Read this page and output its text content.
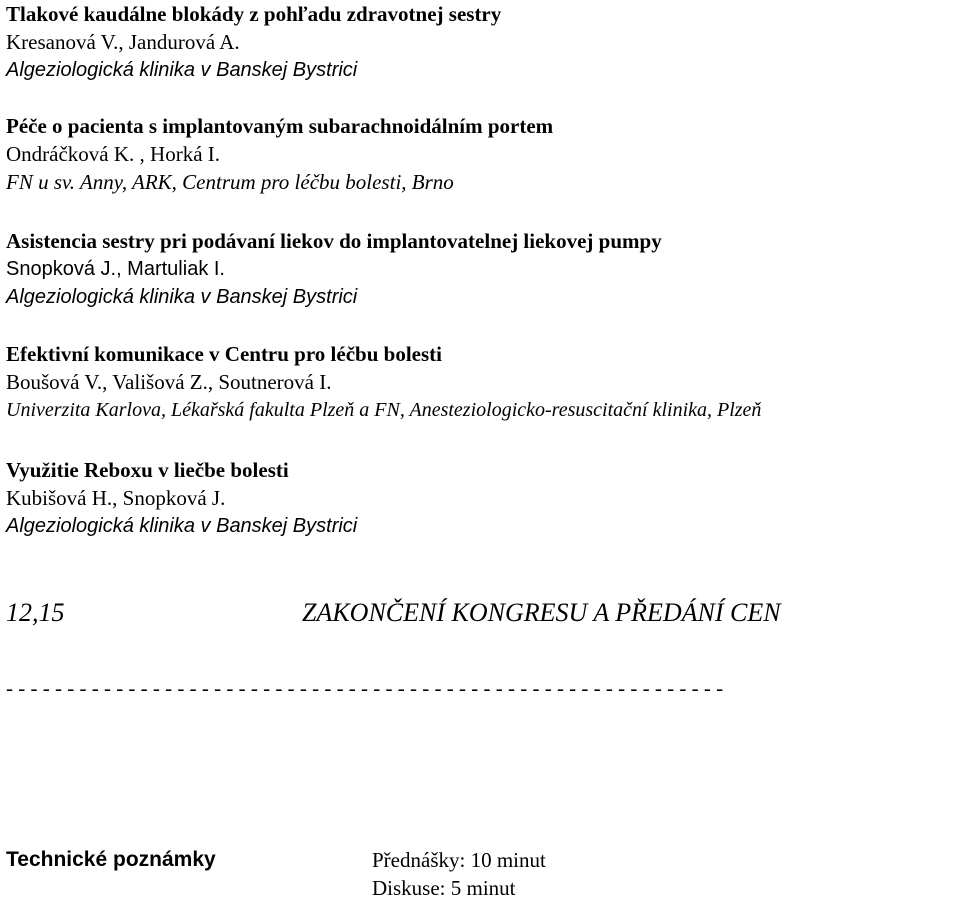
Tlakové kaudálne blokády z pohľadu zdravotnej sestry
Kresanová V., Jandurová A.
Algeziologická klinika v Banskej Bystrici
Péče o pacienta s implantovaným subarachnoidálním portem
Ondráčková K. , Horká I.
FN u sv. Anny, ARK, Centrum pro léčbu bolesti, Brno
Asistencia sestry pri podávaní liekov do implantovatelnej liekovej pumpy
Snopková J., Martuliak I.
Algeziologická klinika v Banskej Bystrici
Efektivní komunikace v Centru pro léčbu bolesti
Boušová V., Vališová Z., Soutnerová I.
Univerzita Karlova, Lékařská fakulta Plzeň a FN, Anesteziologicko-resuscitační klinika, Plzeň
Využitie Reboxu v liečbe bolesti
Kubišová H., Snopková J.
Algeziologická klinika v Banskej Bystrici
12,15	ZAKONČENÍ KONGRESU A PŘEDÁNÍ CEN
- - - - - - - - - - - - - - - - - - - - - - - - - - - - - - - - - - - - - - - - - - - - - - - - - - - - - - - - - - -
Technické poznámky	Přednášky: 10 minut
Diskuse: 5 minut
